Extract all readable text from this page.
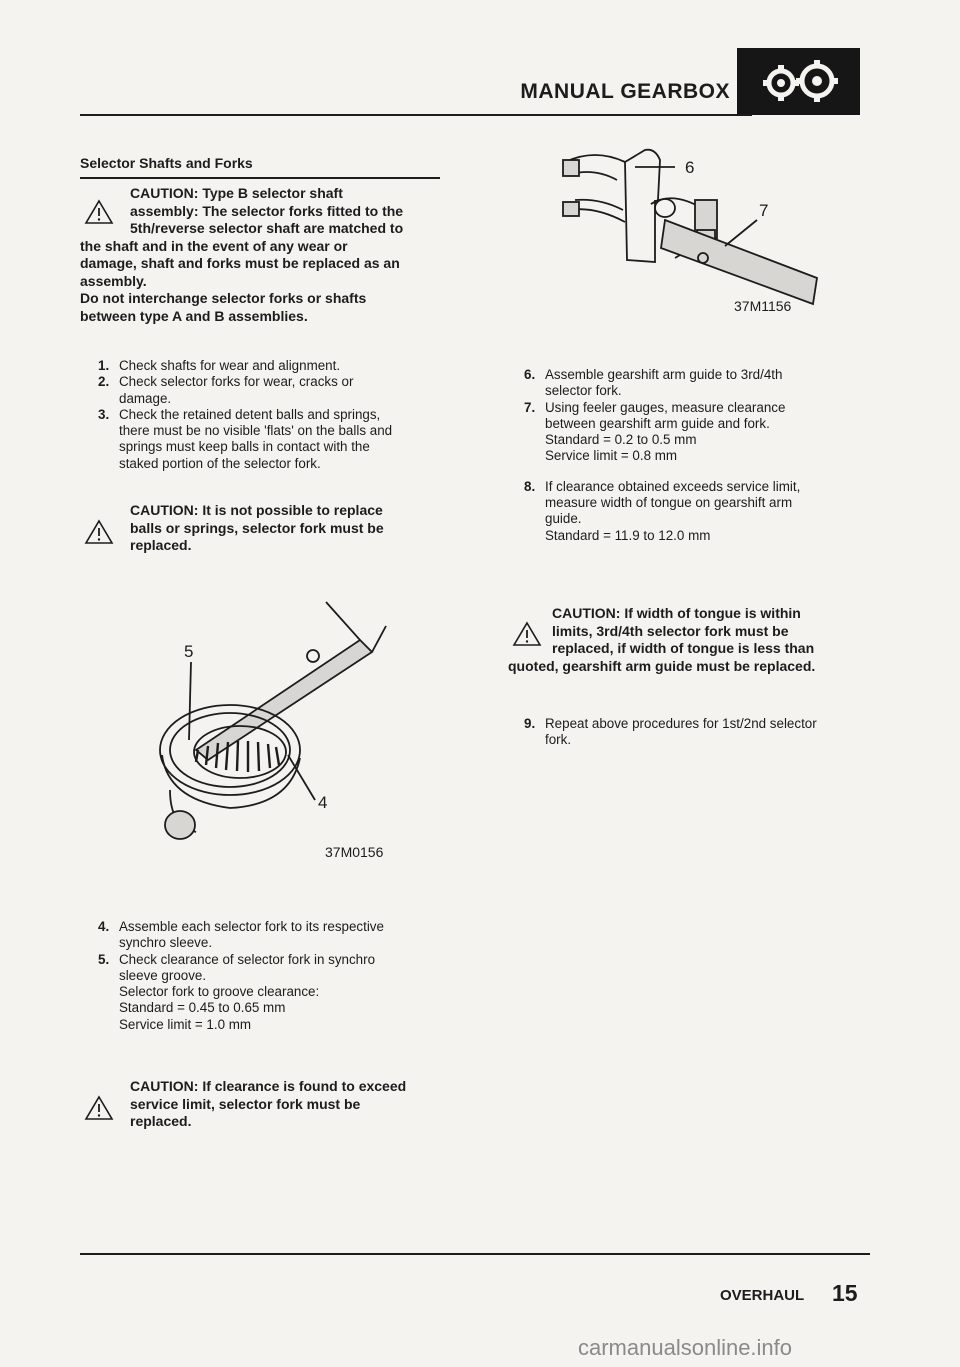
MANUAL GEARBOX
Selector Shafts and Forks
CAUTION: Type B selector shaft
assembly: The selector forks fitted to the
5th/reverse selector shaft are matched to
the shaft and in the event of any wear or
damage, shaft and forks must be replaced as an
assembly.
Do not interchange selector forks or shafts
between type A and B assemblies.
1. Check shafts for wear and alignment.
2. Check selector forks for wear, cracks or
damage.
3. Check the retained detent balls and springs,
there must be no visible 'flats' on the balls and
springs must keep balls in contact with the
staked portion of the selector fork.
CAUTION: It is not possible to replace
balls or springs, selector fork must be
replaced.
5
4
37M0156
4. Assemble each selector fork to its respective
synchro sleeve.
5. Check clearance of selector fork in synchro
sleeve groove.
Selector fork to groove clearance:
Standard = 0.45 to 0.65 mm
Service limit = 1.0 mm
CAUTION: If clearance is found to exceed
service limit, selector fork must be
replaced.
6
7
37M1156
6. Assemble gearshift arm guide to 3rd/4th
selector fork.
7. Using feeler gauges, measure clearance
between gearshift arm guide and fork.
Standard = 0.2 to 0.5 mm
Service limit = 0.8 mm
8. If clearance obtained exceeds service limit,
measure width of tongue on gearshift arm
guide.
Standard = 11.9 to 12.0 mm
CAUTION: If width of tongue is within
limits, 3rd/4th selector fork must be
replaced, if width of tongue is less than
quoted, gearshift arm guide must be replaced.
9. Repeat above procedures for 1st/2nd selector
fork.
OVERHAUL 15
carmanualsonline.info
